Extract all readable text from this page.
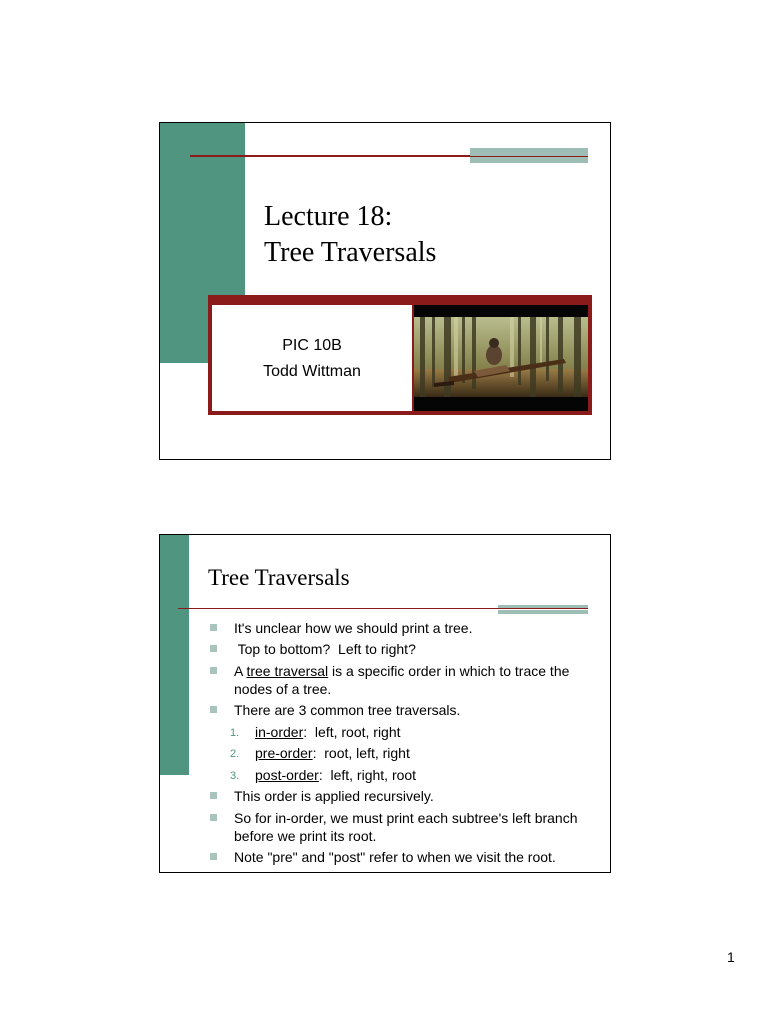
Lecture 18:
Tree Traversals
PIC 10B
Todd Wittman
Tree Traversals
It's unclear how we should print a tree.
Top to bottom?  Left to right?
A tree traversal is a specific order in which to trace the nodes of a tree.
There are 3 common tree traversals.
1. in-order:  left, root, right
2. pre-order:  root, left, right
3. post-order:  left, right, root
This order is applied recursively.
So for in-order, we must print each subtree's left branch before we print its root.
Note "pre" and "post" refer to when we visit the root.
1
